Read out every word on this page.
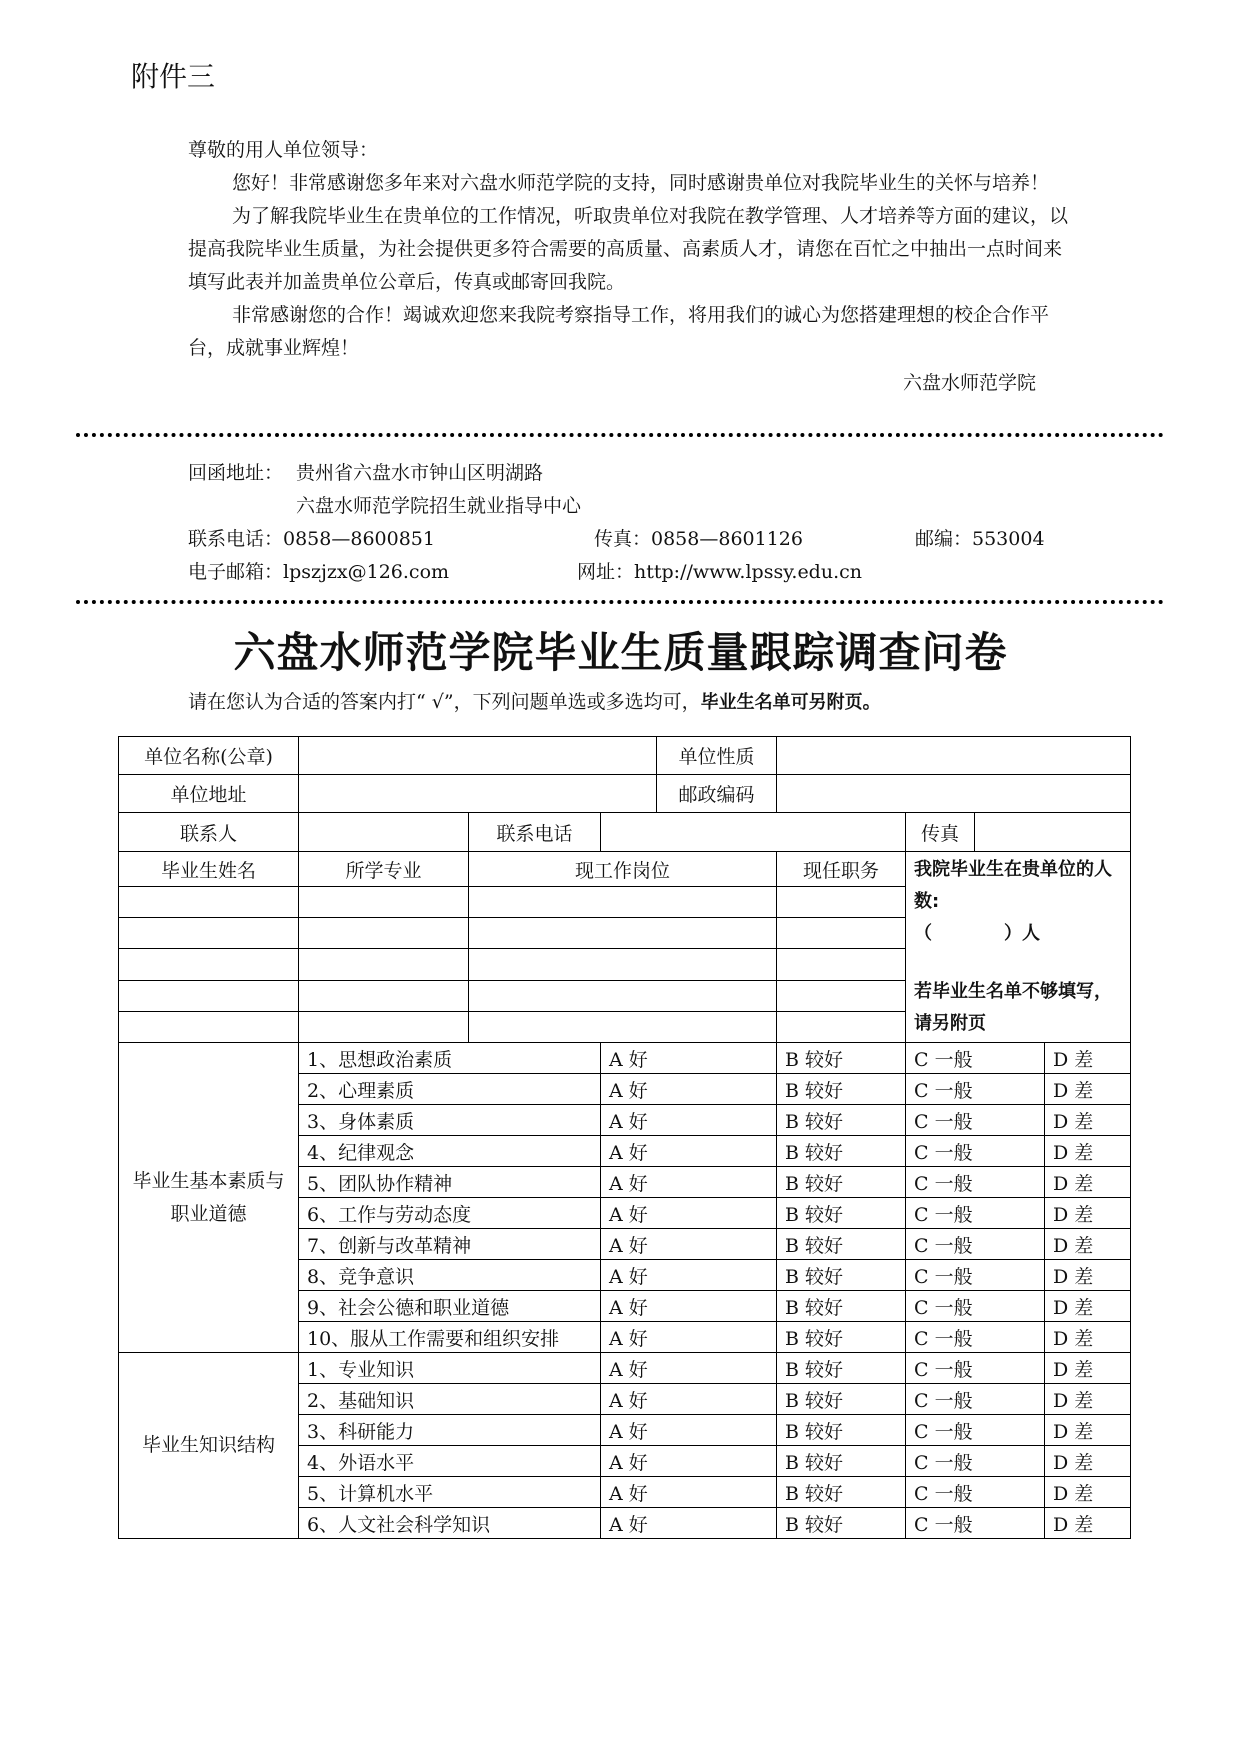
附件三

尊敬的用人单位领导：

您好！非常感谢您多年来对六盘水师范学院的支持，同时感谢贵单位对我院毕业生的关怀与培养！

为了解我院毕业生在贵单位的工作情况，听取贵单位对我院在教学管理、人才培养等方面的建议，以提高我院毕业生质量，为社会提供更多符合需要的高质量、高素质人才，请您在百忙之中抽出一点时间来填写此表并加盖贵单位公章后，传真或邮寄回我院。

非常感谢您的合作！竭诚欢迎您来我院考察指导工作，将用我们的诚心为您搭建理想的校企合作平台，成就事业辉煌！

六盘水师范学院

回函地址： 贵州省六盘水市钟山区明湖路
六盘水师范学院招生就业指导中心
联系电话：0858—8600851	传真：0858—8601126	邮编：553004
电子邮箱：lpszjzx@126.com	网址：http://www.lpssy.edu.cn
六盘水师范学院毕业生质量跟踪调查问卷
请在您认为合适的答案内打“ √”，下列问题单选或多选均可，毕业生名单可另附页。
单位名称(公章)				单位性质				
单位地址				邮政编码				
联系人		联系电话				传真		
毕业生姓名	所学专业	现工作岗位			现任职务	我院毕业生在贵单位的人数:
（　　　　）人
若毕业生名单不够填写，请另附页		

毕业生基本素质与职业道德	1、思想政治素质		A 好		B 较好	C 一般		D 差
	2、心理素质		A 好		B 较好	C 一般		D 差
	3、身体素质		A 好		B 较好	C 一般		D 差
	4、纪律观念		A 好		B 较好	C 一般		D 差
	5、团队协作精神		A 好		B 较好	C 一般		D 差
	6、工作与劳动态度		A 好		B 较好	C 一般		D 差
	7、创新与改革精神		A 好		B 较好	C 一般		D 差
	8、竞争意识		A 好		B 较好	C 一般		D 差
	9、社会公德和职业道德		A 好		B 较好	C 一般		D 差
	10、服从工作需要和组织安排		A 好		B 较好	C 一般		D 差
毕业生知识结构	1、专业知识		A 好		B 较好	C 一般		D 差
	2、基础知识		A 好		B 较好	C 一般		D 差
	3、科研能力		A 好		B 较好	C 一般		D 差
	4、外语水平		A 好		B 较好	C 一般		D 差
	5、计算机水平		A 好		B 较好	C 一般		D 差
	6、人文社会科学知识		A 好		B 较好	C 一般		D 差
